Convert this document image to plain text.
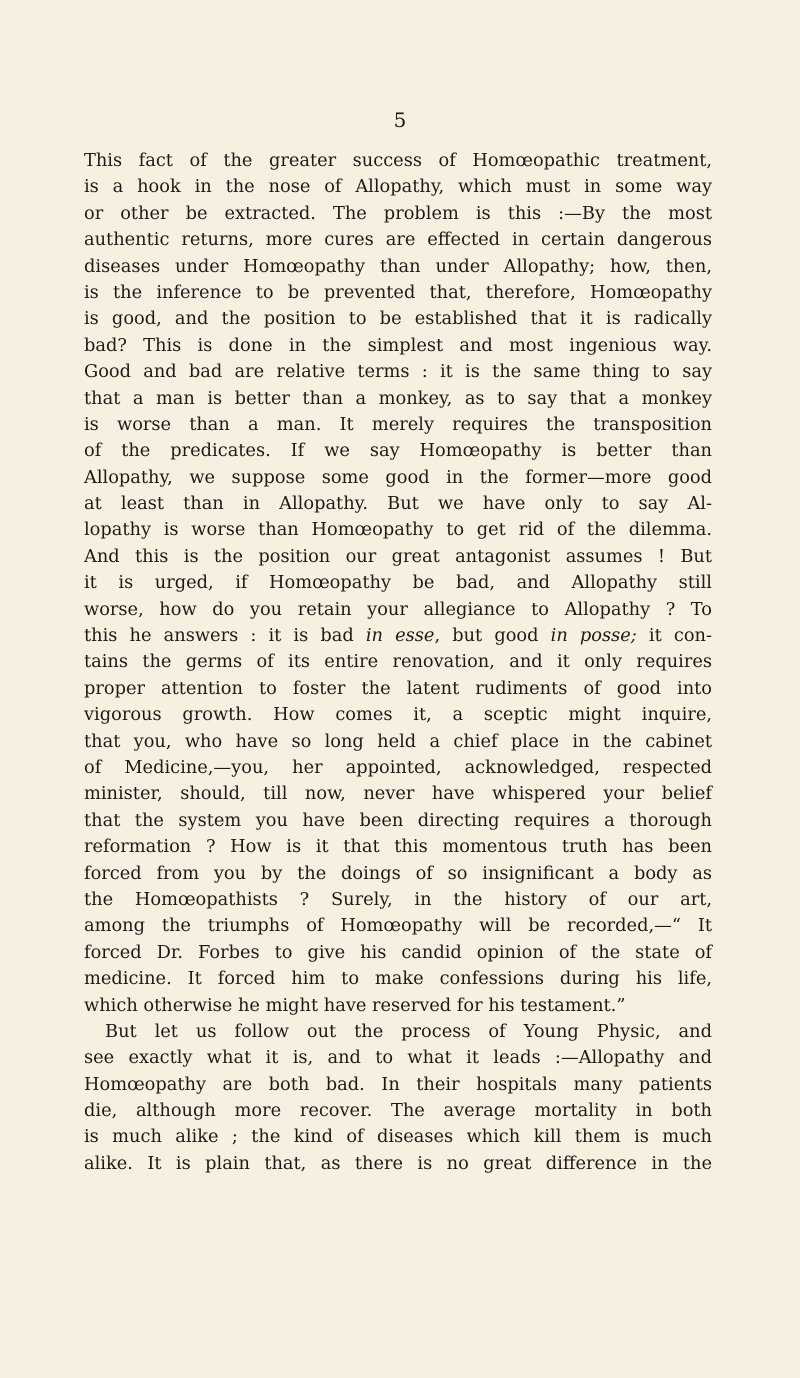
5
This fact of the greater success of Homœopathic treatment,
is a hook in the nose of Allopathy, which must in some way
or other be extracted. The problem is this :—By the most
authentic returns, more cures are effected in certain dangerous
diseases under Homœopathy than under Allopathy; how, then,
is the inference to be prevented that, therefore, Homœopathy
is good, and the position to be established that it is radically
bad? This is done in the simplest and most ingenious way.
Good and bad are relative terms : it is the same thing to say
that a man is better than a monkey, as to say that a monkey
is worse than a man. It merely requires the transposition
of the predicates. If we say Homœopathy is better than
Allopathy, we suppose some good in the former—more good
at least than in Allopathy. But we have only to say Al-
lopathy is worse than Homœopathy to get rid of the dilemma.
And this is the position our great antagonist assumes ! But
it is urged, if Homœopathy be bad, and Allopathy still
worse, how do you retain your allegiance to Allopathy ? To
this he answers : it is bad in esse, but good in posse; it con-
tains the germs of its entire renovation, and it only requires
proper attention to foster the latent rudiments of good into
vigorous growth. How comes it, a sceptic might inquire,
that you, who have so long held a chief place in the cabinet
of Medicine,—you, her appointed, acknowledged, respected
minister, should, till now, never have whispered your belief
that the system you have been directing requires a thorough
reformation ? How is it that this momentous truth has been
forced from you by the doings of so insignificant a body as
the Homœopathists ? Surely, in the history of our art,
among the triumphs of Homœopathy will be recorded,—“ It
forced Dr. Forbes to give his candid opinion of the state of
medicine. It forced him to make confessions during his life,
which otherwise he might have reserved for his testament.”
But let us follow out the process of Young Physic, and
see exactly what it is, and to what it leads :—Allopathy and
Homœopathy are both bad. In their hospitals many patients
die, although more recover. The average mortality in both
is much alike ; the kind of diseases which kill them is much
alike. It is plain that, as there is no great difference in the
